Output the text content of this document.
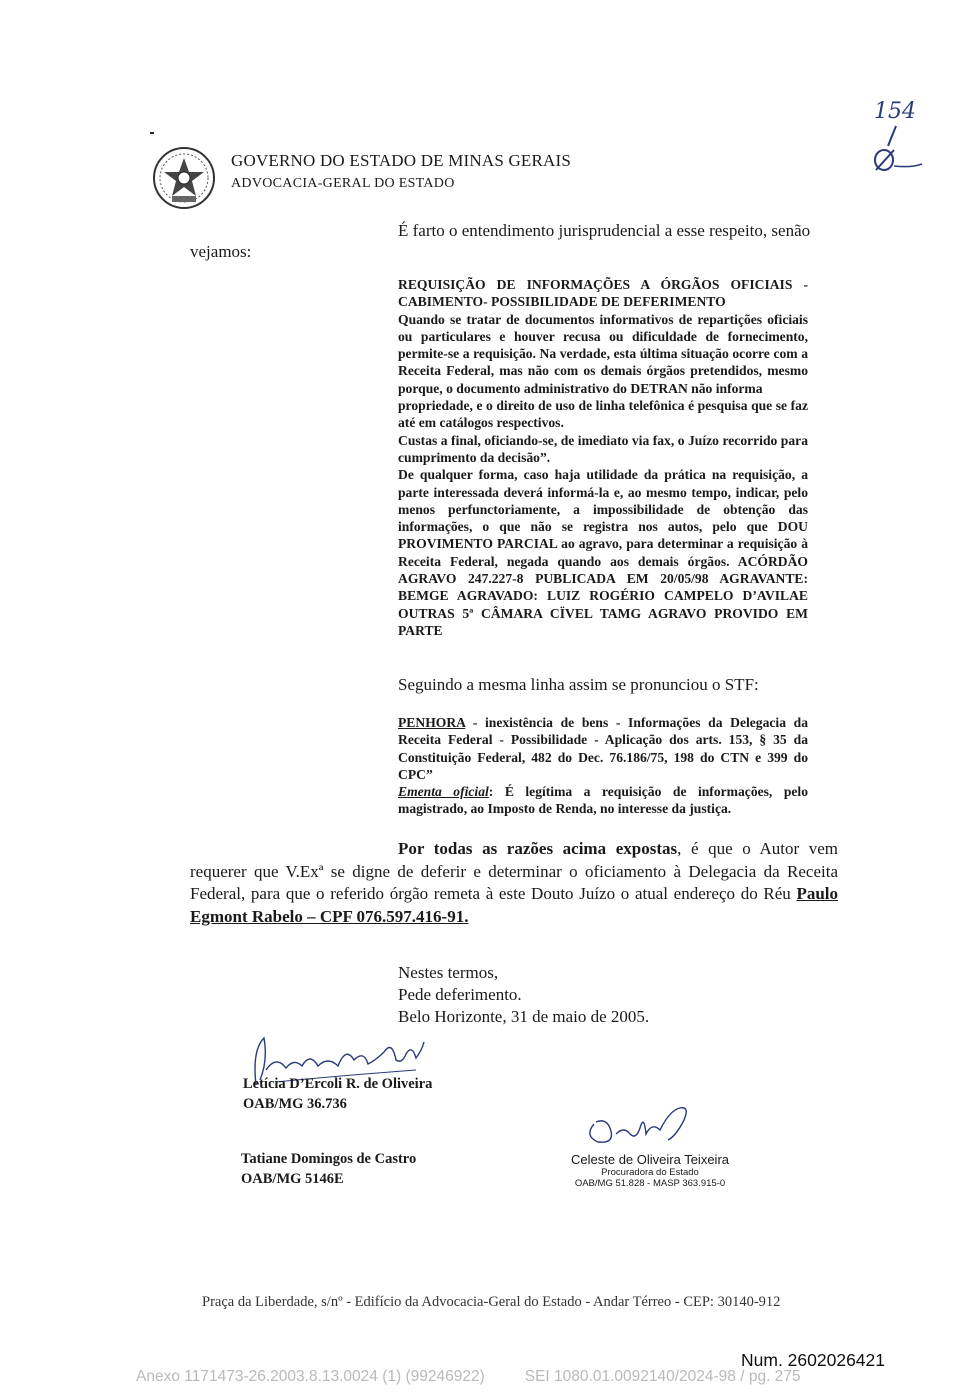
GOVERNO DO ESTADO DE MINAS GERAIS
ADVOCACIA-GERAL DO ESTADO
154
É farto o entendimento jurisprudencial a esse respeito, senão
vejamos:

REQUISIÇÃO DE INFORMAÇÕES A ÓRGÃOS OFICIAIS - CABIMENTO- POSSIBILIDADE DE DEFERIMENTO

Quando se tratar de documentos informativos de repartições oficiais ou particulares e houver recusa ou dificuldade de fornecimento, permite-se a requisição. Na verdade, esta última situação ocorre com a Receita Federal, mas não com os demais órgãos pretendidos, mesmo porque, o documento administrativo do DETRAN não informa

propriedade, e o direito de uso de linha telefônica é pesquisa que se faz até em catálogos respectivos.

Custas a final, oficiando-se, de imediato via fax, o Juízo recorrido para cumprimento da decisão”.

De qualquer forma, caso haja utilidade da prática na requisição, a parte interessada deverá informá-la e, ao mesmo tempo, indicar, pelo menos perfunctoriamente, a impossibilidade de obtenção das informações, o que não se registra nos autos, pelo que DOU PROVIMENTO PARCIAL ao agravo, para determinar a requisição à Receita Federal, negada quando aos demais órgãos. ACÓRDÃO AGRAVO 247.227-8 PUBLICADA EM 20/05/98 AGRAVANTE: BEMGE AGRAVADO: LUIZ ROGÉRIO CAMPELO D’AVILAE OUTRAS 5ª CÂMARA CÏVEL TAMG AGRAVO PROVIDO EM PARTE

Seguindo a mesma linha assim se pronunciou o STF:

PENHORA - inexistência de bens - Informações da Delegacia da Receita Federal - Possibilidade - Aplicação dos arts. 153, § 35 da Constituição Federal, 482 do Dec. 76.186/75, 198 do CTN e 399 do CPC”

Ementa oficial: É legítima a requisição de informações, pelo magistrado, ao Imposto de Renda, no interesse da justiça.

Por todas as razões acima expostas, é que o Autor vem requerer que V.Exª se digne de deferir e determinar o oficiamento à Delegacia da Receita Federal, para que o referido órgão remeta à este Douto Juízo o atual endereço do Réu Paulo Egmont Rabelo – CPF 076.597.416-91.
Nestes termos,
Pede deferimento.
Belo Horizonte, 31 de maio de 2005.
Letícia D’Ercoli R. de Oliveira
OAB/MG 36.736
Tatiane Domingos de Castro
OAB/MG 5146E
Celeste de Oliveira Teixeira
Procuradora do Estado
OAB/MG 51.828 - MASP 363.915-0
Praça da Liberdade, s/nº - Edifício da Advocacia-Geral do Estado - Andar Térreo - CEP: 30140-912
Num. 2602026421
Anexo 1171473-26.2003.8.13.0024 (1) (99246922)	SEI 1080.01.0092140/2024-98 / pg. 275
